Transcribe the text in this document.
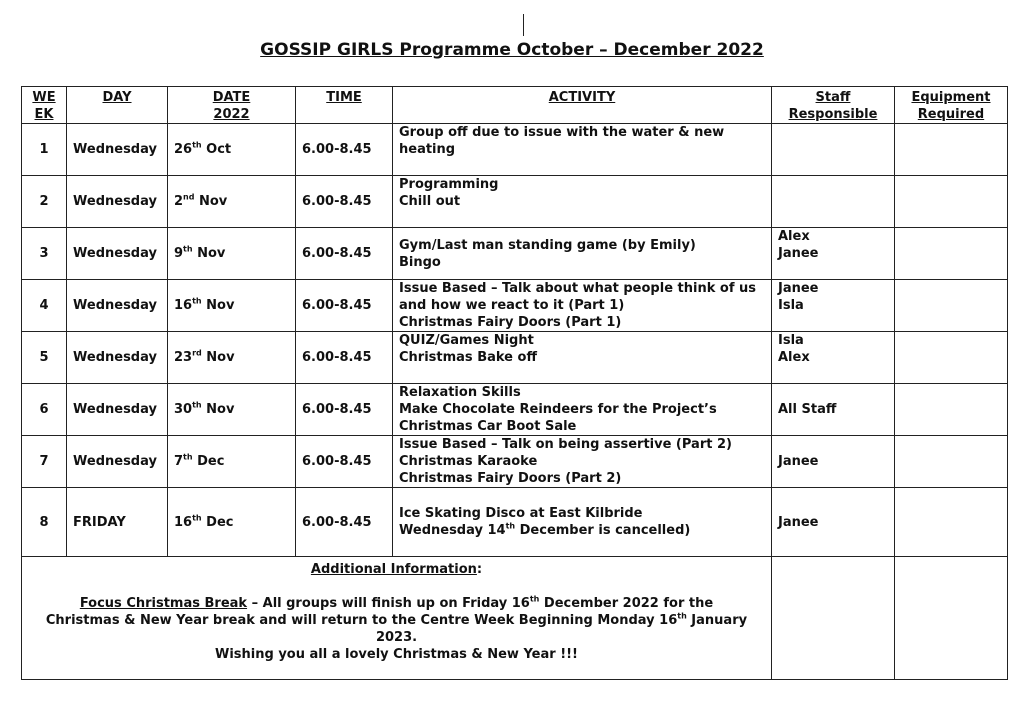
GOSSIP GIRLS Programme October – December 2022
WE
EK	DAY	DATE
2022	TIME	ACTIVITY	Staff
Responsible	Equipment
Required

1	Wednesday	26th Oct	6.00-8.45	Group off due to issue with the water & new
heating		

2	Wednesday	2nd Nov	6.00-8.45	Programming
Chill out		

3	Wednesday	9th Nov	6.00-8.45	Gym/Last man standing game (by Emily)
Bingo	Alex
Janee	

4	Wednesday	16th Nov	6.00-8.45	Issue Based – Talk about what people think of us
and how we react to it (Part 1)
Christmas Fairy Doors (Part 1)	Janee
Isla	

5	Wednesday	23rd Nov	6.00-8.45	QUIZ/Games Night
Christmas Bake off	Isla
Alex	

6	Wednesday	30th Nov	6.00-8.45	Relaxation Skills
Make Chocolate Reindeers for the Project’s
Christmas Car Boot Sale	All Staff	

7	Wednesday	7th Dec	6.00-8.45	Issue Based – Talk on being assertive (Part 2)
Christmas Karaoke
Christmas Fairy Doors (Part 2)	Janee	

8	FRIDAY	16th Dec	6.00-8.45	Ice Skating Disco at East Kilbride
Wednesday 14th December is cancelled)	Janee	

Additional Information:
Focus Christmas Break – All groups will finish up on Friday 16th December 2022 for the
Christmas & New Year break and will return to the Centre Week Beginning Monday 16th January 2023.
Wishing you all a lovely Christmas & New Year !!!						
